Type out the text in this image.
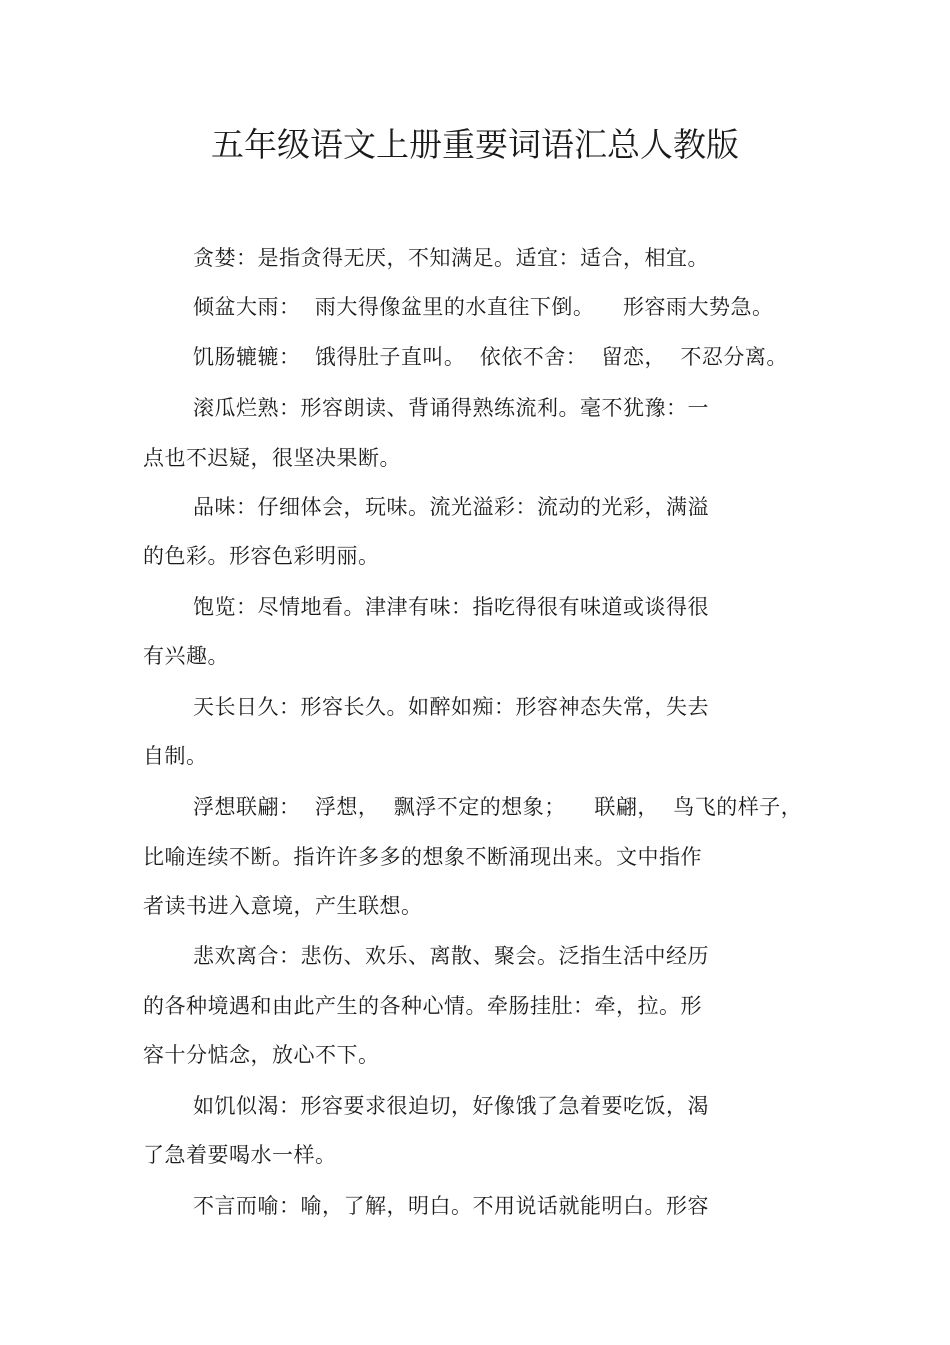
五年级语文上册重要词语汇总人教版
贪婪：是指贪得无厌，不知满足。适宜：适合，相宜。
倾盆大雨：  雨大得像盆里的水直往下倒。    形容雨大势急。
饥肠辘辘：  饿得肚子直叫。  依依不舍：  留恋，  不忍分离。
滚瓜烂熟：形容朗读、背诵得熟练流利。毫不犹豫：一
点也不迟疑，很坚决果断。
品味：仔细体会，玩味。流光溢彩：流动的光彩，满溢
的色彩。形容色彩明丽。
饱览：尽情地看。津津有味：指吃得很有味道或谈得很
有兴趣。
天长日久：形容长久。如醉如痴：形容神态失常，失去
自制。
浮想联翩：  浮想，  飘浮不定的想象；    联翩，  鸟飞的样子，
比喻连续不断。指许许多多的想象不断涌现出来。文中指作
者读书进入意境，产生联想。
悲欢离合：悲伤、欢乐、离散、聚会。泛指生活中经历
的各种境遇和由此产生的各种心情。牵肠挂肚：牵，拉。形
容十分惦念，放心不下。
如饥似渴：形容要求很迫切，好像饿了急着要吃饭，渴
了急着要喝水一样。
不言而喻：喻，了解，明白。不用说话就能明白。形容
